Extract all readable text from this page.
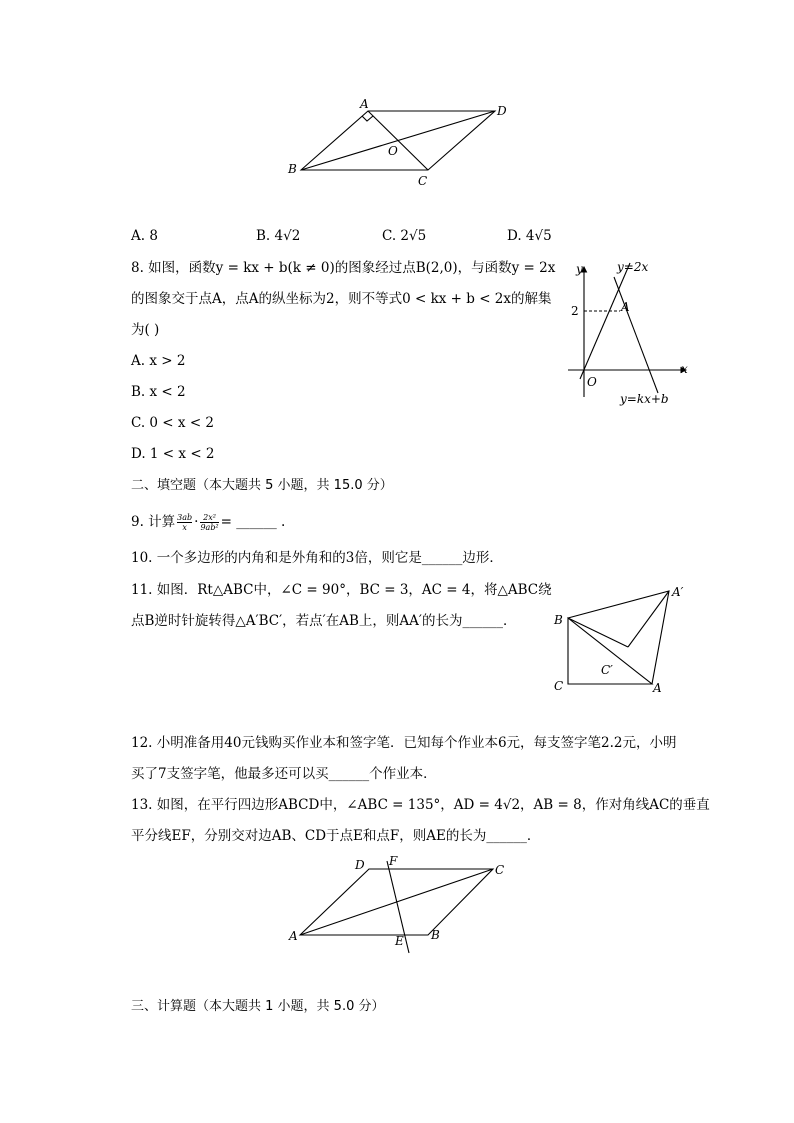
A
B
C
D
O
A. 8	B. 4√2	C. 2√5	D. 4√5
8. 如图，函数y = kx + b(k ≠ 0)的图象经过点B(2,0)，与函数y = 2x
的图象交于点A，点A的纵坐标为2，则不等式0 < kx + b < 2x的解集
为( )
A. x > 2
B. x < 2
C. 0 < x < 2
D. 1 < x < 2
y
x
O
2	A
y=2x
y=kx+b
二、填空题（本大题共 5 小题，共 15.0 分）
9. 计算 $\frac{3ab}{x} \cdot \frac{\text{2x²}}{\text{9ab²}}$ = ______ .
10. 一个多边形的内角和是外角和的3倍，则它是______边形．
11. 如图．Rt△ABC中，∠C = 90°，BC = 3，AC = 4，将△ABC绕
点B逆时针旋转得△A′BC′，若点′在AB上，则AA′的长为______．	B
C	A
A′
C′
12. 小明准备用40元钱购买作业本和签字笔．已知每个作业本6元，每支签字笔2.2元，小明
买了7支签字笔，他最多还可以买______个作业本．
13. 如图，在平行四边形ABCD中，∠ABC = 135°，AD = 4√2，AB = 8，作对角线AC的垂直
平分线EF，分别交对边AB、CD于点E和点F，则AE的长为______．
A	B
C
D
E
F
三、计算题（本大题共 1 小题，共 5.0 分）
